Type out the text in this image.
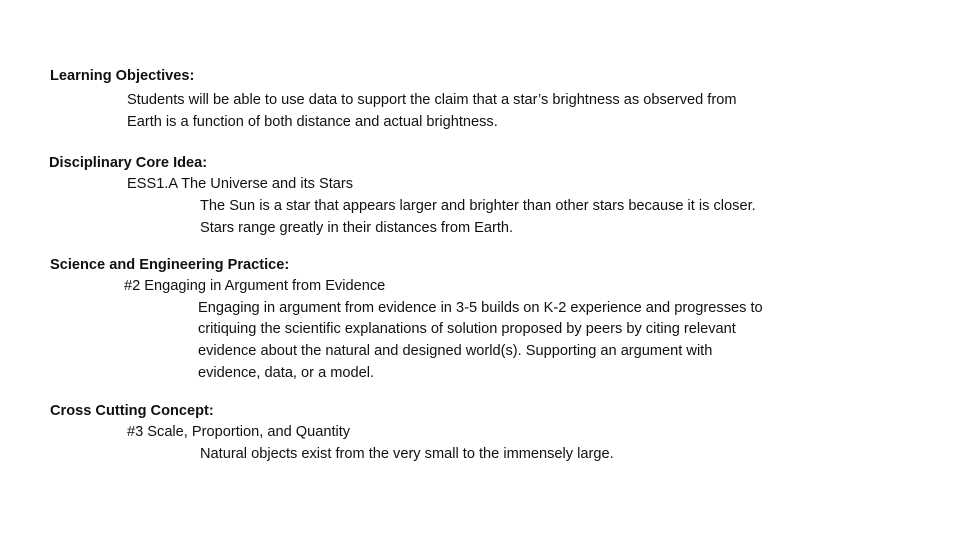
Learning Objectives:

Students will be able to use data to support the claim that a star’s brightness as observed from

Earth is a function of both distance and actual brightness.

Disciplinary Core Idea:

ESS1.A The Universe and its Stars

The Sun is a star that appears larger and brighter than other stars because it is closer.

Stars range greatly in their distances from Earth.

Science and Engineering Practice:

#2 Engaging in Argument from Evidence

Engaging in argument from evidence in 3-5 builds on K-2 experience and progresses to

critiquing the scientific explanations of solution proposed by peers by citing relevant

evidence about the natural and designed world(s). Supporting an argument with

evidence, data, or a model.

Cross Cutting Concept:

#3 Scale, Proportion, and Quantity

Natural objects exist from the very small to the immensely large.
